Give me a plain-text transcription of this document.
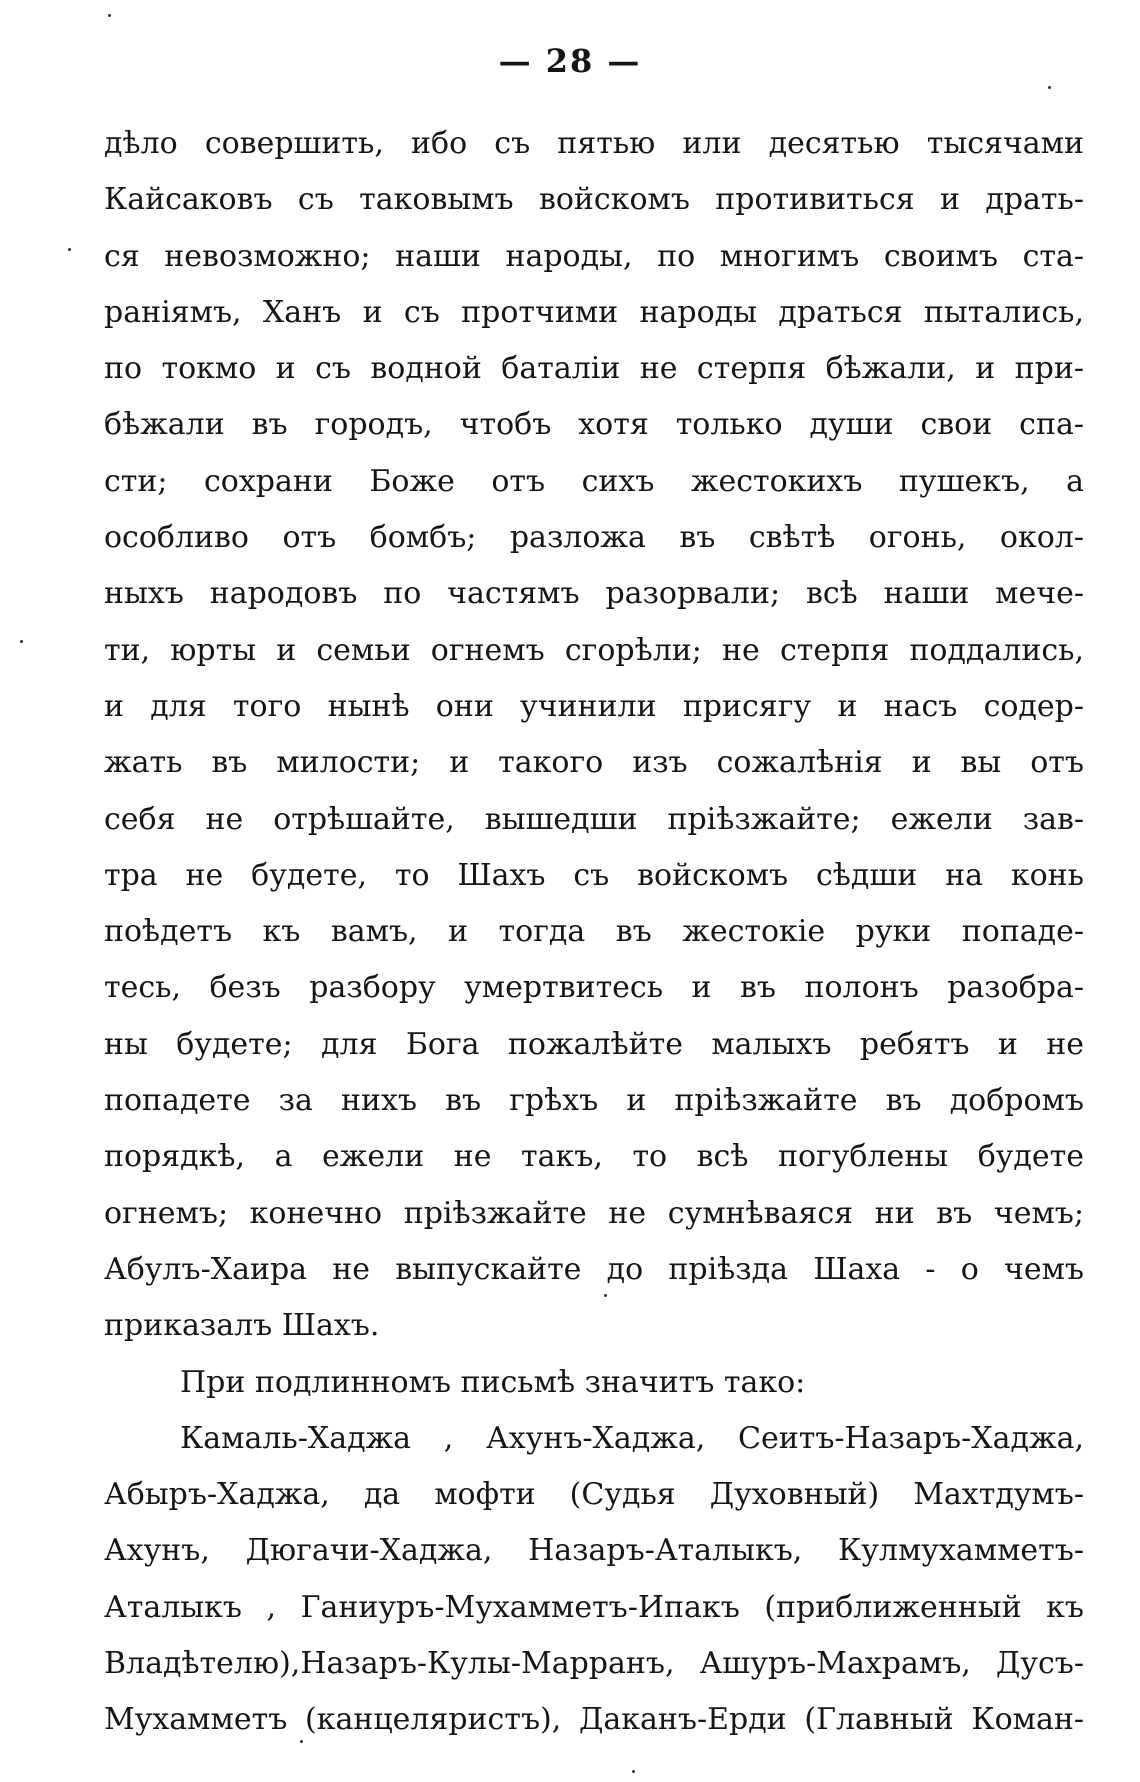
— 28 —
дѣло совершить, ибо съ пятью или десятью тысячами
Кайсаковъ съ таковымъ войскомъ противиться и драть-
ся невозможно; наши народы, по многимъ своимъ ста-
раніямъ, Ханъ и съ протчими народы драться пытались,
по токмо и съ водной баталіи не стерпя бѣжали, и при-
бѣжали въ городъ, чтобъ хотя только души свои спа-
сти; сохрани Боже отъ сихъ жестокихъ пушекъ, а
особливо отъ бомбъ; разложа въ свѣтѣ огонь, окол-
ныхъ народовъ по частямъ разорвали; всѣ наши мече-
ти, юрты и семьи огнемъ сгорѣли; не стерпя поддались,
и для того нынѣ они учинили присягу и насъ содер-
жать въ милости; и такого изъ сожалѣнія и вы отъ
себя не отрѣшайте, вышедши пріѣзжайте; ежели зав-
тра не будете, то Шахъ съ войскомъ сѣдши на конь
поѣдетъ къ вамъ, и тогда въ жестокіе руки попаде-
тесь, безъ разбору умертвитесь и въ полонъ разобра-
ны будете; для Бога пожалѣйте малыхъ ребятъ и не
попадете за нихъ въ грѣхъ и пріѣзжайте въ добромъ
порядкѣ, а ежели не такъ, то всѣ погублены будете
огнемъ; конечно пріѣзжайте не сумнѣваяся ни въ чемъ;
Абулъ-Хаира не выпускайте до пріѣзда Шаха - о чемъ
приказалъ Шахъ.
При подлинномъ письмѣ значитъ тако:
Камаль-Хаджа , Ахунъ-Хаджа, Сеитъ-Назаръ-Хаджа,
Абыръ-Хаджа, да мофти (Судья Духовный) Махтдумъ-
Ахунъ, Дюгачи-Хаджа, Назаръ-Аталыкъ, Кулмухамметъ-
Аталыкъ , Ганиуръ-Мухамметъ-Ипакъ (приближенный къ
Владѣтелю),Назаръ-Кулы-Марранъ, Ашуръ-Махрамъ, Дусъ-
Мухамметъ (канцеляристъ), Даканъ-Ерди (Главный Коман-
